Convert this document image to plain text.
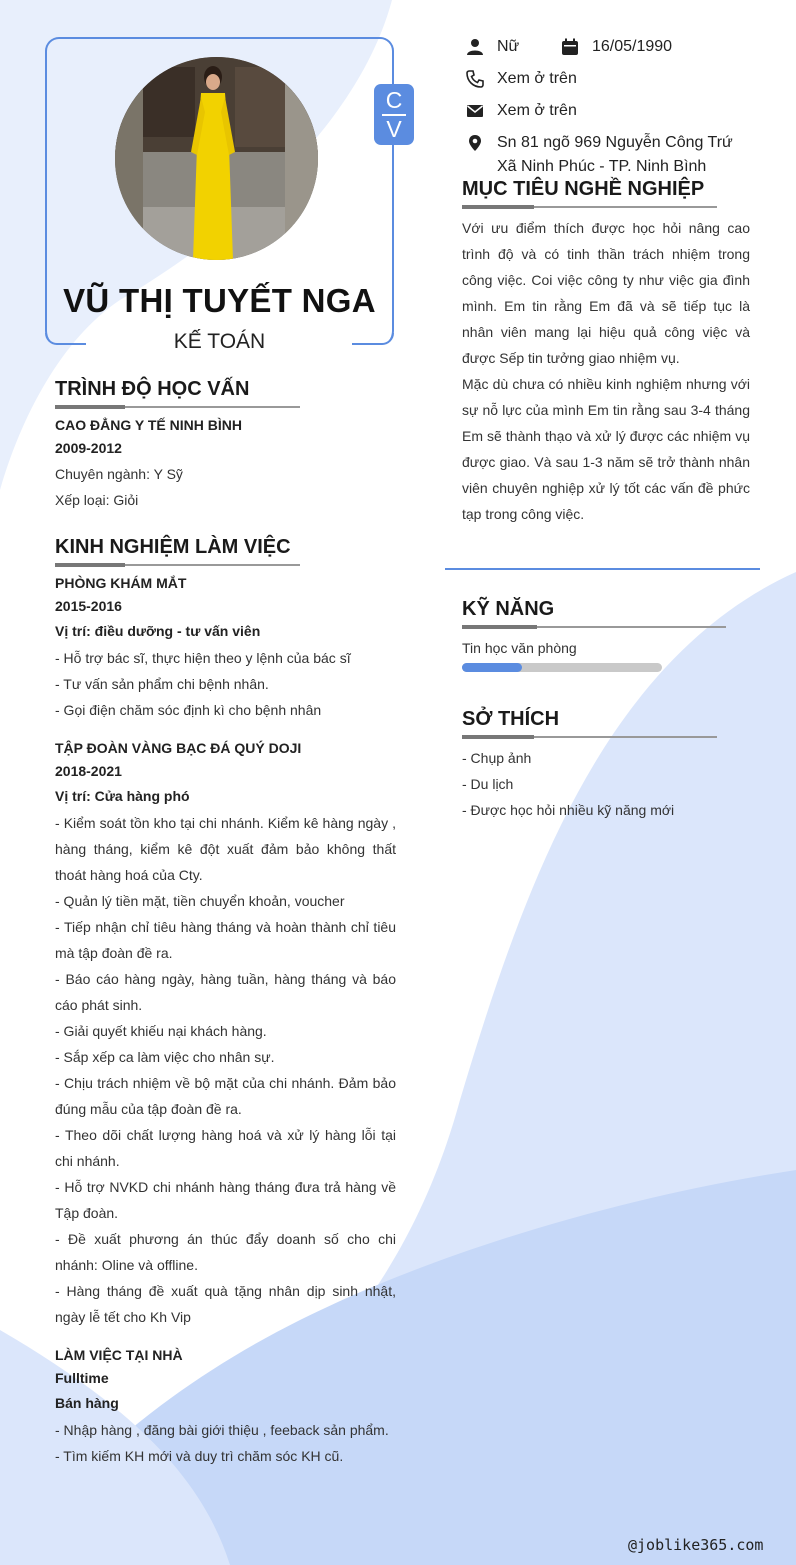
C
V
VŨ THỊ TUYẾT NGA
KẾ TOÁN
Nữ	16/05/1990
Xem ở trên
Xem ở trên
Sn 81 ngõ 969 Nguyễn Công Trứ
Xã Ninh Phúc - TP. Ninh Bình
MỤC TIÊU NGHỀ NGHIỆP
Với ưu điểm thích được học hỏi nâng cao trình độ và có tinh thần trách nhiệm trong công việc. Coi việc công ty như việc gia đình mình. Em tin rằng Em đã và sẽ tiếp tục là nhân viên mang lại hiệu quả công việc và được Sếp tin tưởng giao nhiệm vụ.
Mặc dù chưa có nhiều kinh nghiệm nhưng với sự nỗ lực của mình Em tin rằng sau 3-4 tháng Em sẽ thành thạo và xử lý được các nhiệm vụ được giao. Và sau 1-3 năm sẽ trở thành nhân viên chuyên nghiệp xử lý tốt các vấn đề phức tạp trong công việc.
KỸ NĂNG
Tin học văn phòng
SỞ THÍCH
- Chụp ảnh
- Du lịch
- Được học hỏi nhiều kỹ năng mới
TRÌNH ĐỘ HỌC VẤN
CAO ĐẲNG Y TẾ NINH BÌNH
2009-2012
Chuyên ngành: Y Sỹ
Xếp loại: Giỏi
KINH NGHIỆM LÀM VIỆC
PHÒNG KHÁM MẮT
2015-2016
Vị trí: điều dưỡng - tư vấn viên
- Hỗ trợ bác sĩ, thực hiện theo y lệnh của bác sĩ
- Tư vấn sản phẩm chi bệnh nhân.
- Gọi điện chăm sóc định kì cho bệnh nhân
TẬP ĐOÀN VÀNG BẠC ĐÁ QUÝ DOJI
2018-2021
Vị trí: Cửa hàng phó
- Kiểm soát tồn kho tại chi nhánh. Kiểm kê hàng ngày , hàng tháng, kiểm kê đột xuất đảm bảo không thất thoát hàng hoá của Cty.
- Quản lý tiền mặt, tiền chuyển khoản, voucher
- Tiếp nhận chỉ tiêu hàng tháng và hoàn thành chỉ tiêu mà tập đoàn đề ra.
- Báo cáo hàng ngày, hàng tuần, hàng tháng và báo cáo phát sinh.
- Giải quyết khiếu nại khách hàng.
- Sắp xếp ca làm việc cho nhân sự.
- Chịu trách nhiệm về bộ mặt của chi nhánh. Đảm bảo đúng mẫu của tập đoàn đề ra.
- Theo dõi chất lượng hàng hoá và xử lý hàng lỗi tại chi nhánh.
- Hỗ trợ NVKD chi nhánh hàng tháng đưa trả hàng về Tập đoàn.
- Đề xuất phương án thúc đẩy doanh số cho chi nhánh: Oline và offline.
- Hàng tháng đề xuất quà tặng nhân dịp sinh nhật, ngày lễ tết cho Kh Vip
LÀM VIỆC TẠI NHÀ
Fulltime
Bán hàng
- Nhập hàng , đăng bài giới thiệu , feeback sản phẩm.
- Tìm kiếm KH mới và duy trì chăm sóc KH cũ.
@joblike365.com
